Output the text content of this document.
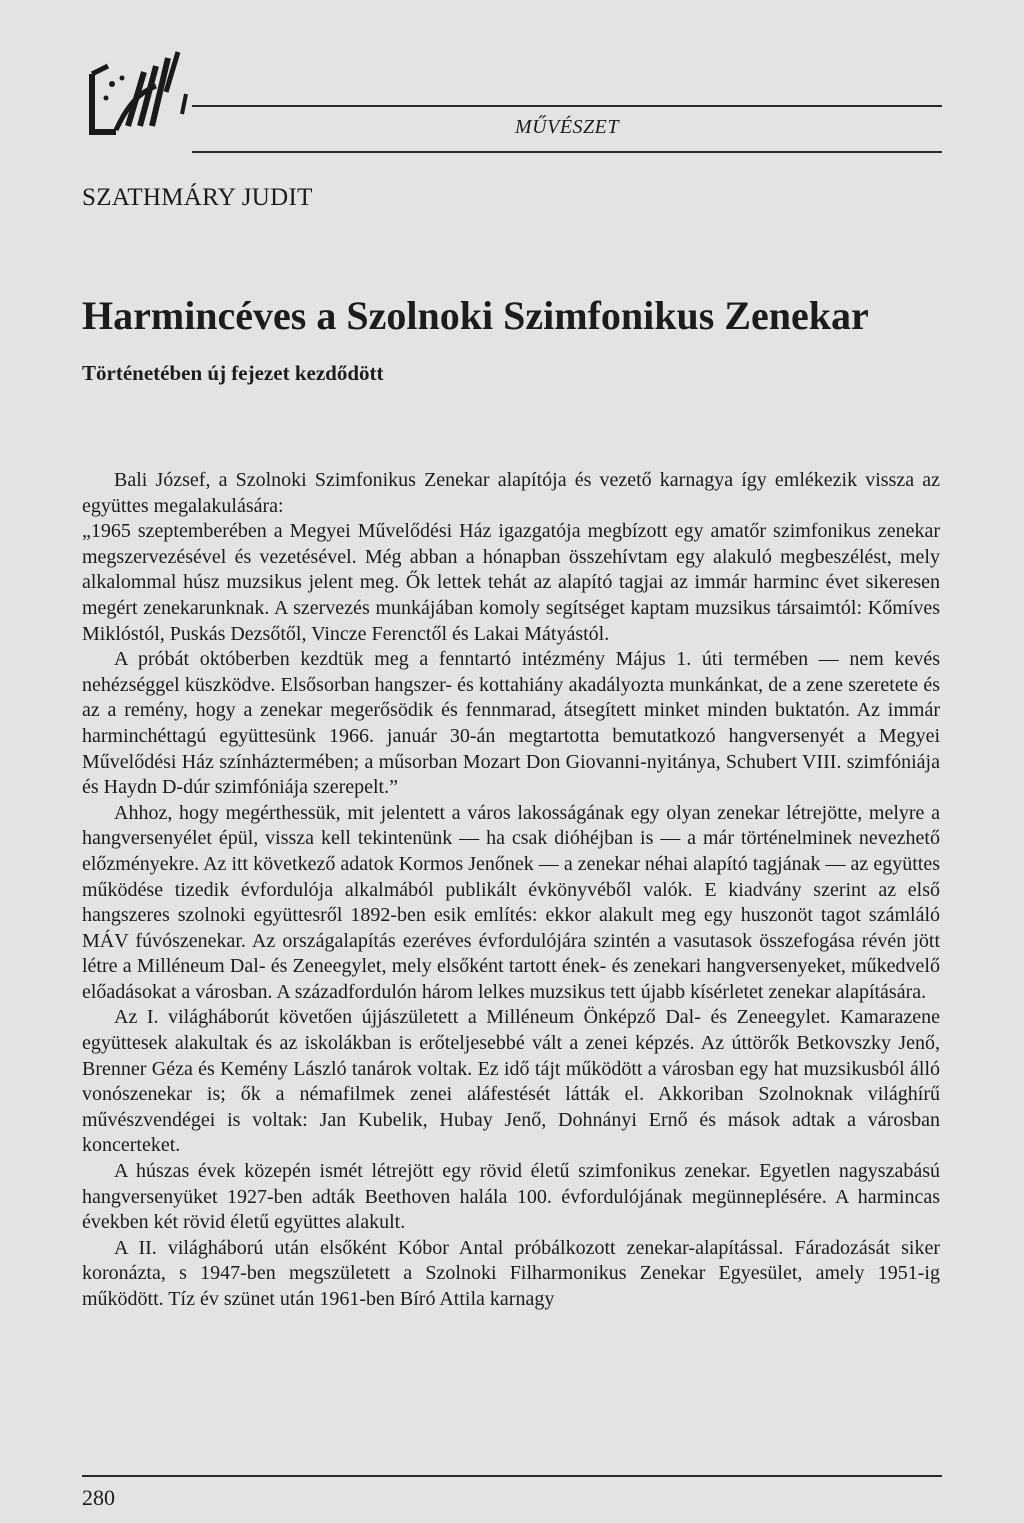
MŰVÉSZET
SZATHMÁRY JUDIT
Harmincéves a Szolnoki Szimfonikus Zenekar
Történetében új fejezet kezdődött

Bali József, a Szolnoki Szimfonikus Zenekar alapítója és vezető karnagya így emlékezik vissza az együttes megalakulására:

„1965 szeptemberében a Megyei Művelődési Ház igazgatója megbízott egy amatőr szimfonikus zenekar megszervezésével és vezetésével. Még abban a hónapban összehívtam egy alakuló megbeszélést, mely alkalommal húsz muzsikus jelent meg. Ők lettek tehát az alapító tagjai az immár harminc évet sikeresen megért zenekarunknak. A szervezés munkájában komoly segítséget kaptam muzsikus társaimtól: Kőmíves Miklóstól, Puskás Dezsőtől, Vincze Ferenctől és Lakai Mátyástól.

A próbát októberben kezdtük meg a fenntartó intézmény Május 1. úti termében — nem kevés nehézséggel küszködve. Elsősorban hangszer- és kottahiány akadályozta munkánkat, de a zene szeretete és az a remény, hogy a zenekar megerősödik és fennmarad, átsegített minket minden buktatón. Az immár harminchéttagú együttesünk 1966. január 30-án megtartotta bemutatkozó hangversenyét a Megyei Művelődési Ház színháztermében; a műsorban Mozart Don Giovanni-nyitánya, Schubert VIII. szimfóniája és Haydn D-dúr szimfóniája szerepelt.”

Ahhoz, hogy megérthessük, mit jelentett a város lakosságának egy olyan zenekar létrejötte, melyre a hangversenyélet épül, vissza kell tekintenünk — ha csak dióhéjban is — a már történelminek nevezhető előzményekre. Az itt következő adatok Kormos Jenőnek — a zenekar néhai alapító tagjának — az együttes működése tizedik évfordulója alkalmából publikált évkönyvéből valók. E kiadvány szerint az első hangszeres szolnoki együttesről 1892-ben esik említés: ekkor alakult meg egy huszonöt tagot számláló MÁV fúvószenekar. Az országalapítás ezeréves évfordulójára szintén a vasutasok összefogása révén jött létre a Milléneum Dal- és Zeneegylet, mely elsőként tartott ének- és zenekari hangversenyeket, műkedvelő előadásokat a városban. A századfordulón három lelkes muzsikus tett újabb kísérletet zenekar alapítására.

Az I. világháborút követően újjászületett a Milléneum Önképző Dal- és Zeneegylet. Kamarazene együttesek alakultak és az iskolákban is erőteljesebbé vált a zenei képzés. Az úttörők Betkovszky Jenő, Brenner Géza és Kemény László tanárok voltak. Ez idő tájt működött a városban egy hat muzsikusból álló vonószenekar is; ők a némafilmek zenei aláfestését látták el. Akkoriban Szolnoknak világhírű művészvendégei is voltak: Jan Kubelik, Hubay Jenő, Dohnányi Ernő és mások adtak a városban koncerteket.

A húszas évek közepén ismét létrejött egy rövid életű szimfonikus zenekar. Egyetlen nagyszabású hangversenyüket 1927-ben adták Beethoven halála 100. évfordulójának megünneplésére. A harmincas években két rövid életű együttes alakult.

A II. világháború után elsőként Kóbor Antal próbálkozott zenekar-alapítással. Fáradozását siker koronázta, s 1947-ben megszületett a Szolnoki Filharmonikus Zenekar Egyesület, amely 1951-ig működött. Tíz év szünet után 1961-ben Bíró Attila karnagy

280
